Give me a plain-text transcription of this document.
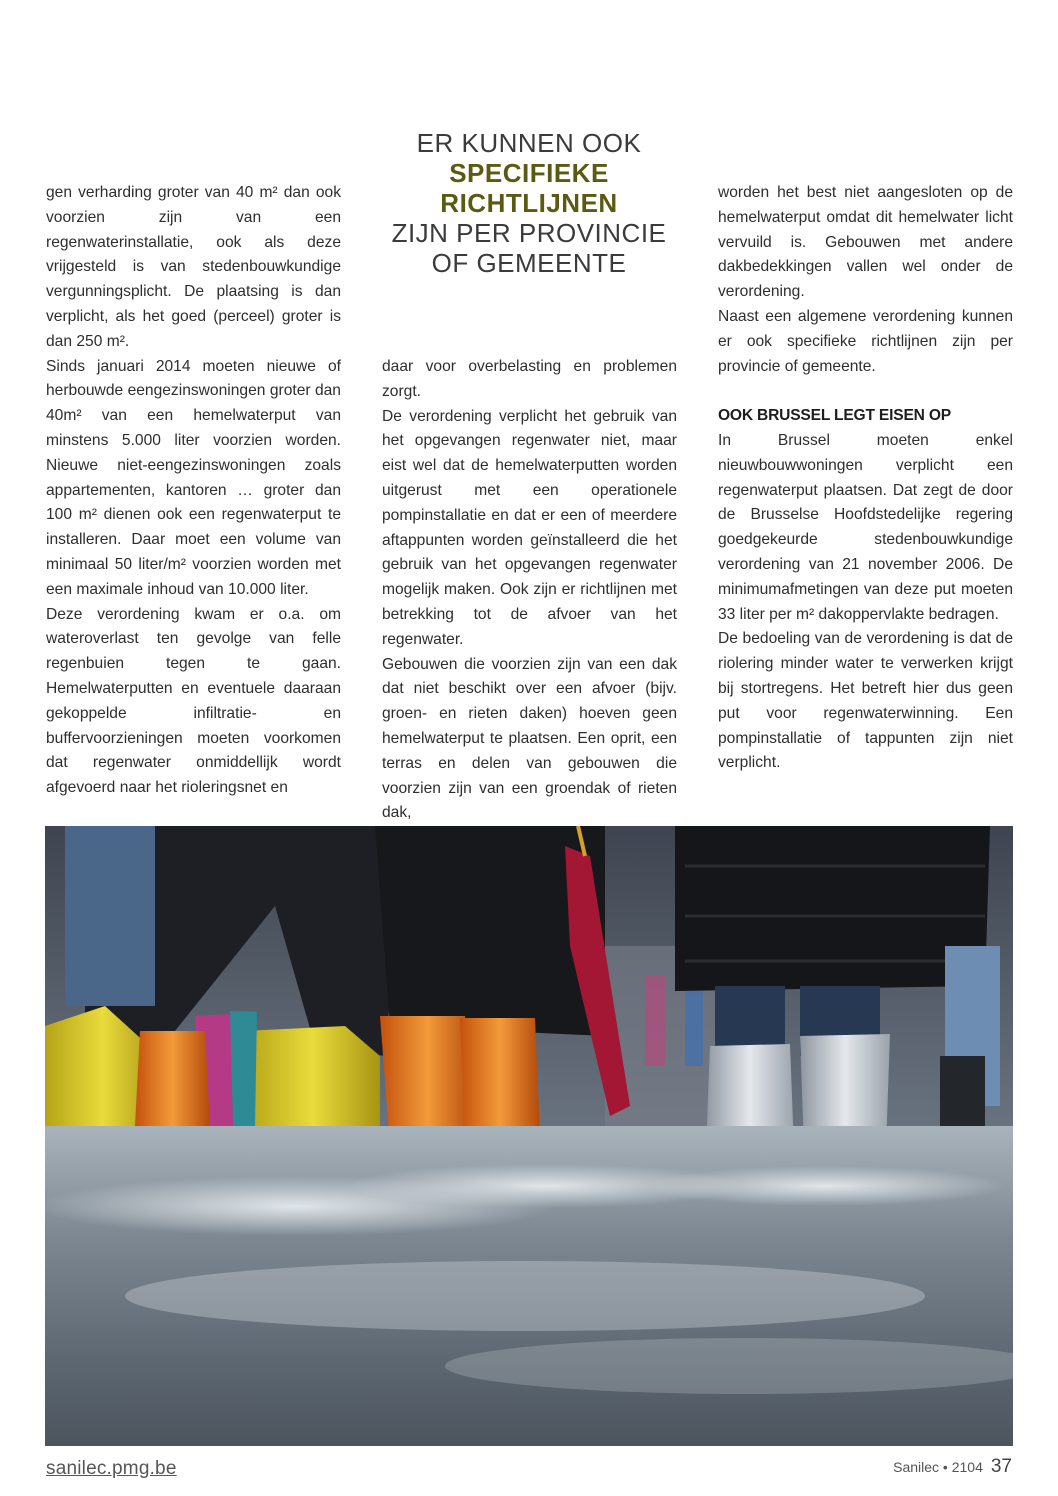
ER KUNNEN OOK
SPECIFIEKE
RICHTLIJNEN
ZIJN PER PROVINCIE
OF GEMEENTE

gen verharding groter van 40 m² dan ook voorzien zijn van een regenwaterinstallatie, ook als deze vrijgesteld is van stedenbouwkundige vergunningsplicht. De plaatsing is dan verplicht, als het goed (perceel) groter is dan 250 m².

Sinds januari 2014 moeten nieuwe of herbouwde eengezinswoningen groter dan 40m² van een hemelwaterput van minstens 5.000 liter voorzien worden. Nieuwe niet-eengezinswoningen zoals appartementen, kantoren … groter dan 100 m² dienen ook een regenwaterput te installeren. Daar moet een volume van minimaal 50 liter/m² voorzien worden met een maximale inhoud van 10.000 liter.

Deze verordening kwam er o.a. om wateroverlast ten gevolge van felle regenbuien tegen te gaan. Hemelwaterputten en eventuele daaraan gekoppelde infiltratie- en buffervoorzieningen moeten voorkomen dat regenwater onmiddellijk wordt afgevoerd naar het rioleringsnet en

daar voor overbelasting en problemen zorgt.

De verordening verplicht het gebruik van het opgevangen regenwater niet, maar eist wel dat de hemelwaterputten worden uitgerust met een operationele pompinstallatie en dat er een of meerdere aftappunten worden geïnstalleerd die het gebruik van het opgevangen regenwater mogelijk maken. Ook zijn er richtlijnen met betrekking tot de afvoer van het regenwater.

Gebouwen die voorzien zijn van een dak dat niet beschikt over een afvoer (bijv. groen- en rieten daken) hoeven geen hemelwaterput te plaatsen. Een oprit, een terras en delen van gebouwen die voorzien zijn van een groendak of rieten dak,

worden het best niet aangesloten op de hemelwaterput omdat dit hemelwater licht vervuild is. Gebouwen met andere dakbedekkingen vallen wel onder de verordening.

Naast een algemene verordening kunnen er ook specifieke richtlijnen zijn per provincie of gemeente.

OOK BRUSSEL LEGT EISEN OP

In Brussel moeten enkel nieuwbouwwoningen verplicht een regenwaterput plaatsen. Dat zegt de door de Brusselse Hoofdstedelijke regering goedgekeurde stedenbouwkundige verordening van 21 november 2006. De minimumafmetingen van deze put moeten 33 liter per m² dakoppervlakte bedragen.

De bedoeling van de verordening is dat de riolering minder water te verwerken krijgt bij stortregens. Het betreft hier dus geen put voor regenwaterwinning. Een pompinstallatie of tappunten zijn niet verplicht.

sanilec.pmg.be	Sanilec • 2104 37
